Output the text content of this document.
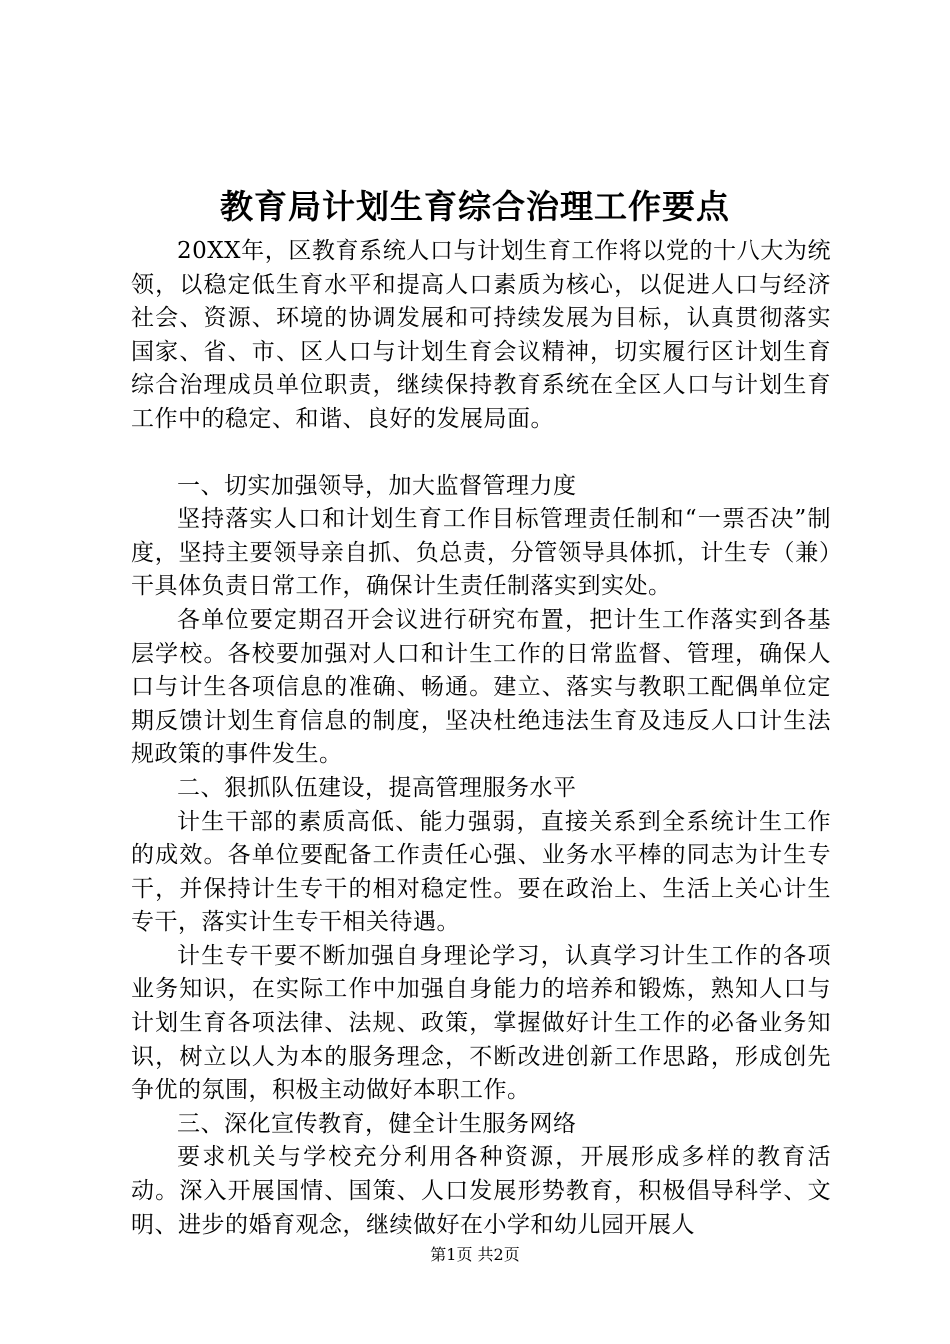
教育局计划生育综合治理工作要点

20XX年，区教育系统人口与计划生育工作将以党的十八大为统领，以稳定低生育水平和提高人口素质为核心，以促进人口与经济社会、资源、环境的协调发展和可持续发展为目标，认真贯彻落实国家、省、市、区人口与计划生育会议精神，切实履行区计划生育综合治理成员单位职责，继续保持教育系统在全区人口与计划生育工作中的稳定、和谐、良好的发展局面。

一、切实加强领导，加大监督管理力度

坚持落实人口和计划生育工作目标管理责任制和“一票否决”制度，坚持主要领导亲自抓、负总责，分管领导具体抓，计生专（兼）干具体负责日常工作，确保计生责任制落实到实处。

各单位要定期召开会议进行研究布置，把计生工作落实到各基层学校。各校要加强对人口和计生工作的日常监督、管理，确保人口与计生各项信息的准确、畅通。建立、落实与教职工配偶单位定期反馈计划生育信息的制度，坚决杜绝违法生育及违反人口计生法规政策的事件发生。

二、狠抓队伍建设，提高管理服务水平

计生干部的素质高低、能力强弱，直接关系到全系统计生工作的成效。各单位要配备工作责任心强、业务水平棒的同志为计生专干，并保持计生专干的相对稳定性。要在政治上、生活上关心计生专干，落实计生专干相关待遇。

计生专干要不断加强自身理论学习，认真学习计生工作的各项业务知识，在实际工作中加强自身能力的培养和锻炼，熟知人口与计划生育各项法律、法规、政策，掌握做好计生工作的必备业务知识，树立以人为本的服务理念，不断改进创新工作思路，形成创先争优的氛围，积极主动做好本职工作。

三、深化宣传教育，健全计生服务网络

要求机关与学校充分利用各种资源，开展形成多样的教育活动。深入开展国情、国策、人口发展形势教育，积极倡导科学、文明、进步的婚育观念，继续做好在小学和幼儿园开展人

第1页 共2页
